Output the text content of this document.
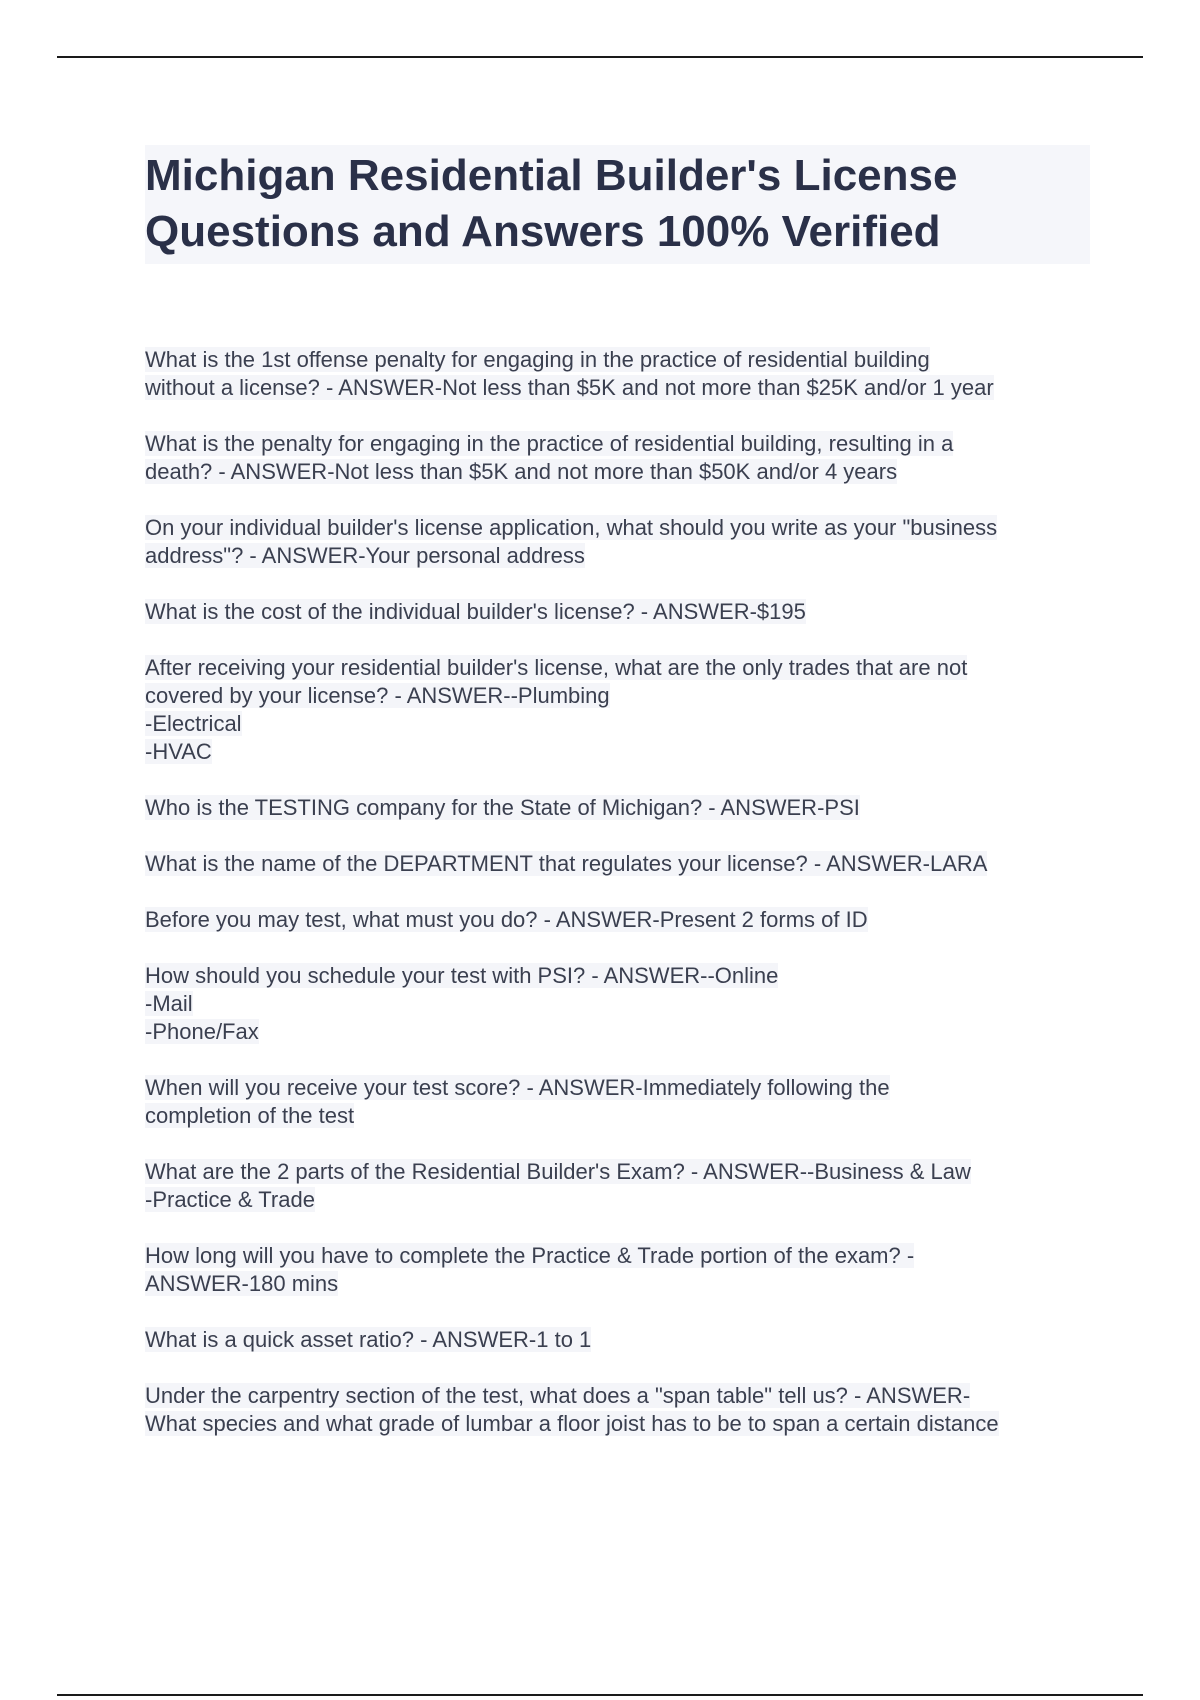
Michigan Residential Builder's License
Questions and Answers 100% Verified
What is the 1st offense penalty for engaging in the practice of residential building
without a license? - ANSWER-Not less than $5K and not more than $25K and/or 1 year
What is the penalty for engaging in the practice of residential building, resulting in a
death? - ANSWER-Not less than $5K and not more than $50K and/or 4 years
On your individual builder's license application, what should you write as your "business
address"? - ANSWER-Your personal address
What is the cost of the individual builder's license? - ANSWER-$195
After receiving your residential builder's license, what are the only trades that are not
covered by your license? - ANSWER--Plumbing
-Electrical
-HVAC
Who is the TESTING company for the State of Michigan? - ANSWER-PSI
What is the name of the DEPARTMENT that regulates your license? - ANSWER-LARA
Before you may test, what must you do? - ANSWER-Present 2 forms of ID
How should you schedule your test with PSI? - ANSWER--Online
-Mail
-Phone/Fax
When will you receive your test score? - ANSWER-Immediately following the
completion of the test
What are the 2 parts of the Residential Builder's Exam? - ANSWER--Business & Law
-Practice & Trade
How long will you have to complete the Practice & Trade portion of the exam? -
ANSWER-180 mins
What is a quick asset ratio? - ANSWER-1 to 1
Under the carpentry section of the test, what does a "span table" tell us? - ANSWER-
What species and what grade of lumbar a floor joist has to be to span a certain distance
